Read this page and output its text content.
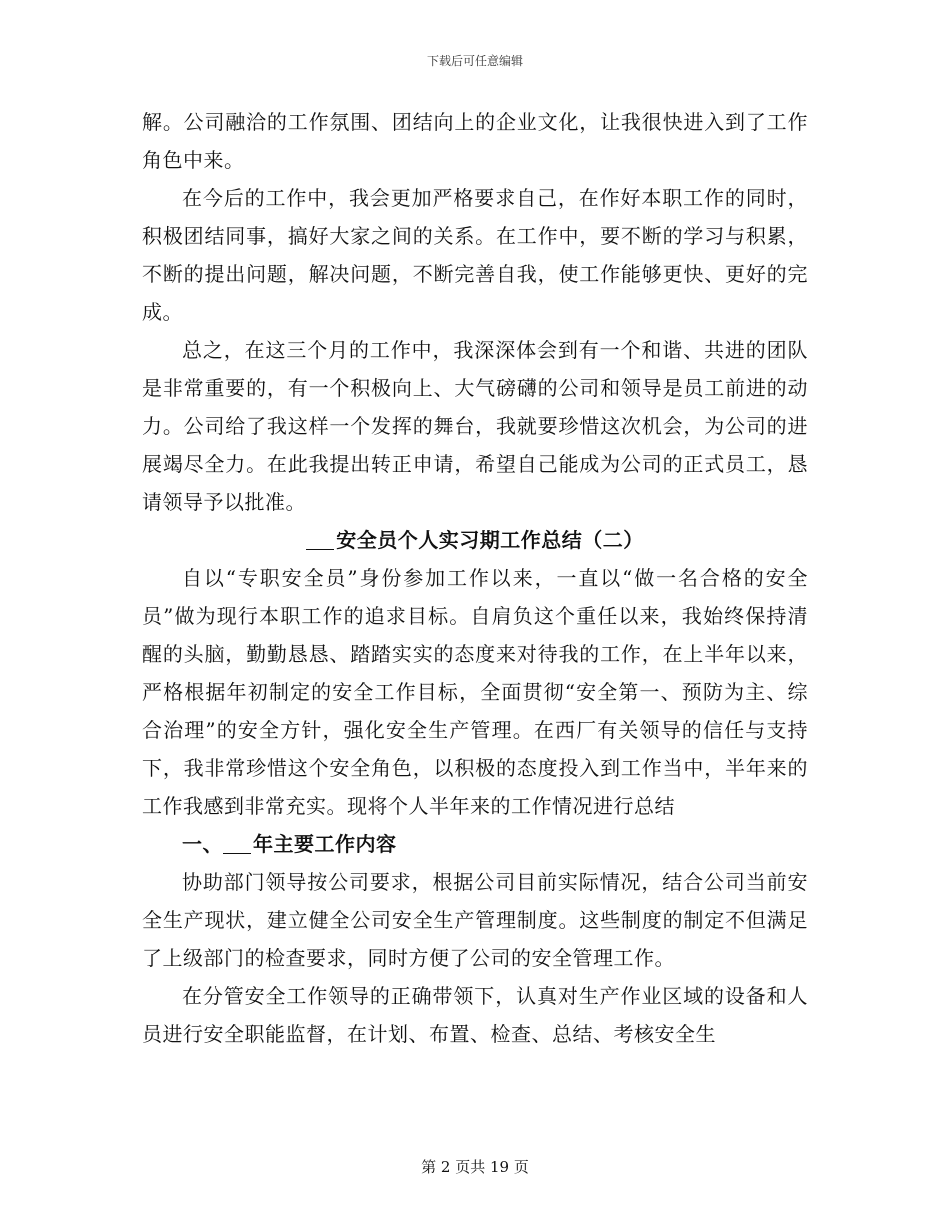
下载后可任意编辑

解。公司融洽的工作氛围、团结向上的企业文化，让我很快进入到了工作角色中来。

在今后的工作中，我会更加严格要求自己，在作好本职工作的同时，积极团结同事，搞好大家之间的关系。在工作中，要不断的学习与积累，不断的提出问题，解决问题，不断完善自我，使工作能够更快、更好的完成。

总之，在这三个月的工作中，我深深体会到有一个和谐、共进的团队是非常重要的，有一个积极向上、大气磅礴的公司和领导是员工前进的动力。公司给了我这样一个发挥的舞台，我就要珍惜这次机会，为公司的进展竭尽全力。在此我提出转正申请，希望自己能成为公司的正式员工，恳请领导予以批准。

安全员个人实习期工作总结（二）

自以“专职安全员”身份参加工作以来，一直以“做一名合格的安全员”做为现行本职工作的追求目标。自肩负这个重任以来，我始终保持清醒的头脑，勤勤恳恳、踏踏实实的态度来对待我的工作，在上半年以来，严格根据年初制定的安全工作目标，全面贯彻“安全第一、预防为主、综合治理”的安全方针，强化安全生产管理。在西厂有关领导的信任与支持下，我非常珍惜这个安全角色，以积极的态度投入到工作当中，半年来的工作我感到非常充实。现将个人半年来的工作情况进行总结

一、 年主要工作内容

协助部门领导按公司要求，根据公司目前实际情况，结合公司当前安全生产现状，建立健全公司安全生产管理制度。这些制度的制定不但满足了上级部门的检查要求，同时方便了公司的安全管理工作。

在分管安全工作领导的正确带领下，认真对生产作业区域的设备和人员进行安全职能监督，在计划、布置、检查、总结、考核安全生

第 2 页共 19 页
